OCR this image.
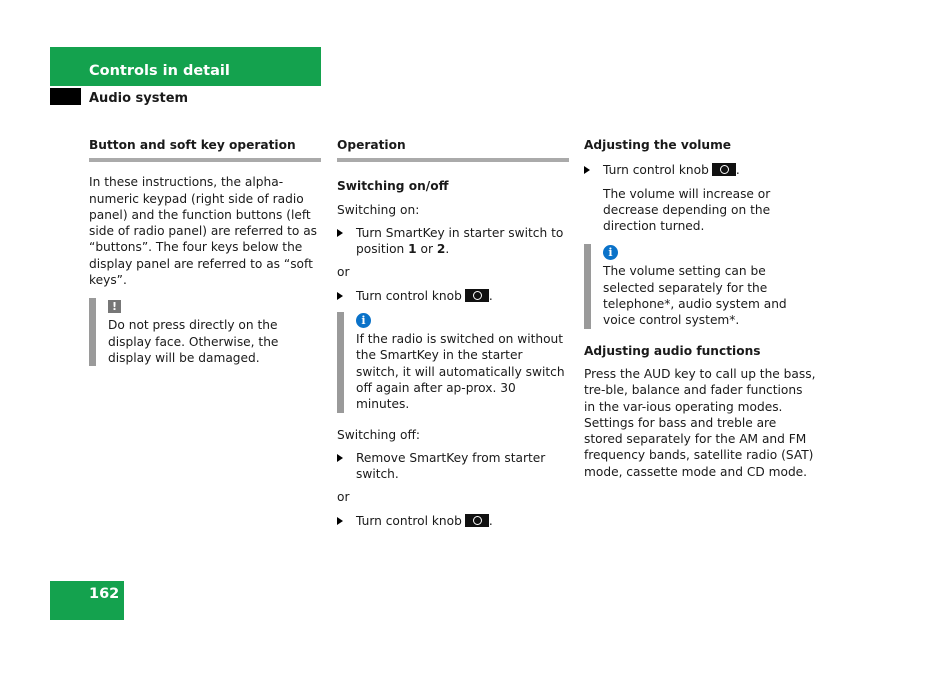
Controls in detail
Audio system
Button and soft key operation

In these instructions, the alpha-numeric keypad (right side of radio panel) and the function buttons (left side of radio panel) are referred to as “buttons”. The four keys below the display panel are referred to as “soft keys”.

!

Do not press directly on the display face. Otherwise, the display will be damaged.

Operation
Switching on/off

Switching on:

Turn SmartKey in starter switch to position 1 or 2.

or

Turn control knob .
i

If the radio is switched on without the SmartKey in the starter switch, it will automatically switch off again after ap-prox. 30 minutes.

Switching off:

Remove SmartKey from starter switch.

or

Turn control knob .
Adjusting the volume
Turn control knob .

The volume will increase or decrease depending on the direction turned.

i

The volume setting can be selected separately for the telephone*, audio system and voice control system*.

Adjusting audio functions

Press the AUD key to call up the bass, tre-ble, balance and fader functions in the var-ious operating modes. Settings for bass and treble are stored separately for the AM and FM frequency bands, satellite radio (SAT) mode, cassette mode and CD mode.

162
